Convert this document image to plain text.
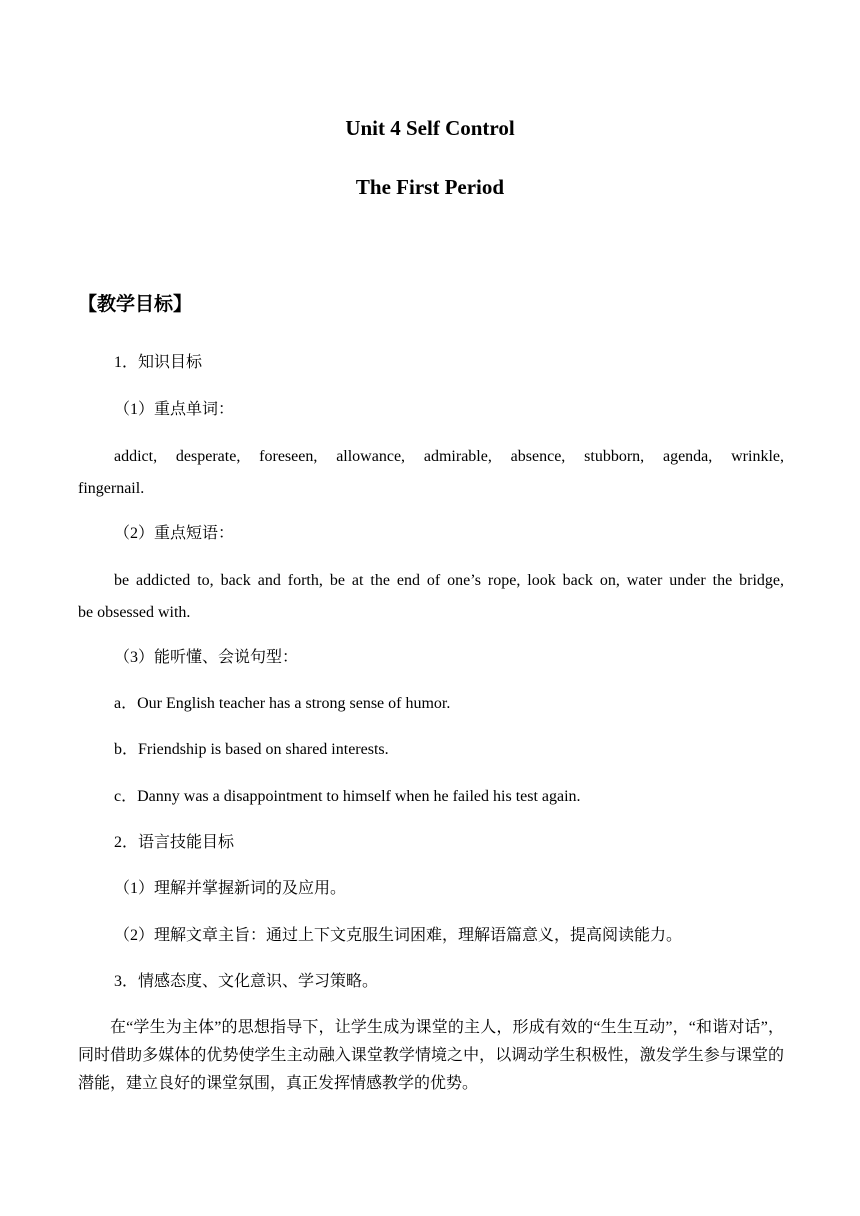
Unit 4 Self Control
The First Period
【教学目标】
1．知识目标
（1）重点单词：
addict, desperate, foreseen, allowance, admirable, absence, stubborn, agenda, wrinkle,
fingernail.
（2）重点短语：
be addicted to, back and forth, be at the end of one’s rope, look back on, water under the bridge,
be obsessed with.
（3）能听懂、会说句型：
a．Our English teacher has a strong sense of humor.
b．Friendship is based on shared interests.
c．Danny was a disappointment to himself when he failed his test again.
2．语言技能目标
（1）理解并掌握新词的及应用。
（2）理解文章主旨：通过上下文克服生词困难，理解语篇意义，提高阅读能力。
3．情感态度、文化意识、学习策略。
在“学生为主体”的思想指导下，让学生成为课堂的主人，形成有效的“生生互动”，“和谐对话”，同时借助多媒体的优势使学生主动融入课堂教学情境之中，以调动学生积极性，激发学生参与课堂的潜能，建立良好的课堂氛围，真正发挥情感教学的优势。
